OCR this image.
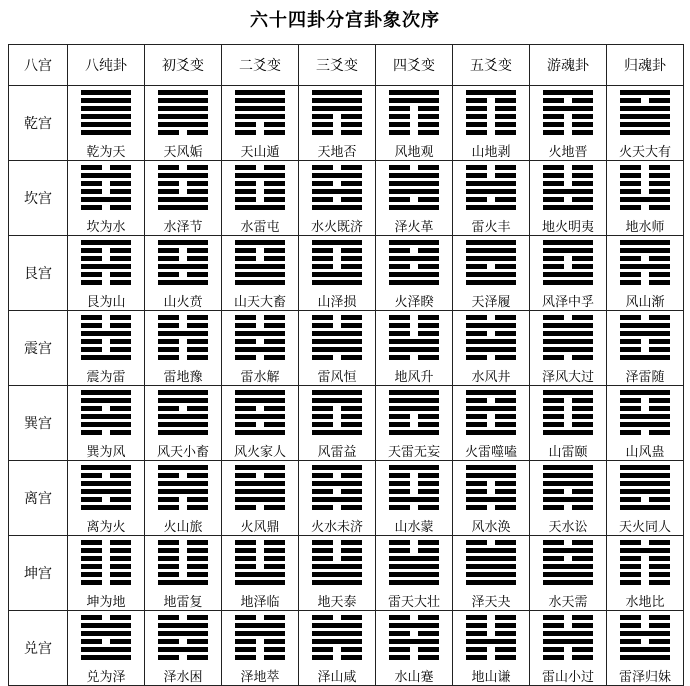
六十四卦分宫卦象次序
八宫	八纯卦	初爻变	二爻变	三爻变	四爻变	五爻变	游魂卦	归魂卦
乾宫	乾为天	天风姤	天山遁	天地否	风地观	山地剥	火地晋	火天大有

坎宫	坎为水	水泽节	水雷屯	水火既济	泽火革	雷火丰	地火明夷	地水师

艮宫	艮为山	山火贲	山天大畜	山泽损	火泽睽	天泽履	风泽中孚	风山渐

震宫	震为雷	雷地豫	雷水解	雷风恒	地风升	水风井	泽风大过	泽雷随

巽宫	巽为风	风天小畜	风火家人	风雷益	天雷无妄	火雷噬嗑	山雷颐	山风蛊

离宫	离为火	火山旅	火风鼎	火水未济	山水蒙	风水涣	天水讼	天火同人

坤宫	坤为地	地雷复	地泽临	地天泰	雷天大壮	泽天夬	水天需	水地比

兑宫	兑为泽	泽水困	泽地萃	泽山咸	水山蹇	地山谦	雷山小过	雷泽归妹
